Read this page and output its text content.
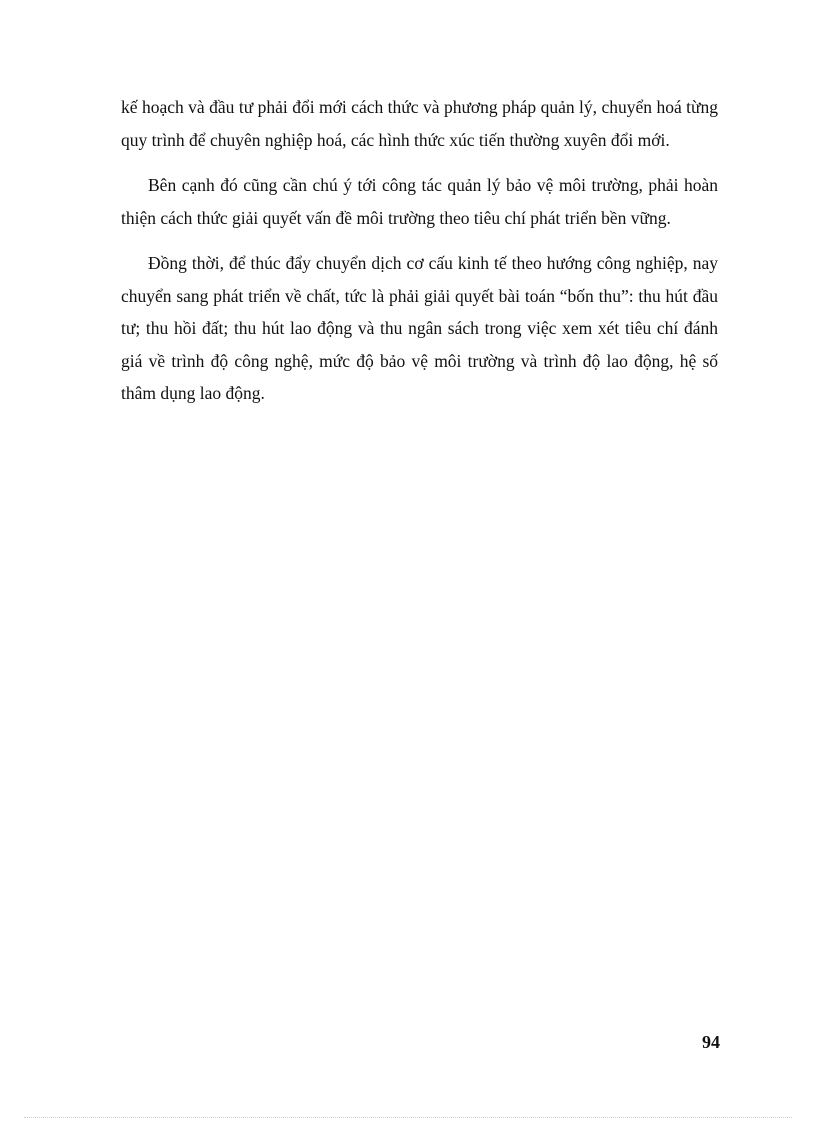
kế hoạch và đầu tư phải đổi mới cách thức và phương pháp quản lý, chuyển hoá từng quy trình để chuyên nghiệp hoá, các hình thức xúc tiến thường xuyên đổi mới.

Bên cạnh đó cũng cần chú ý tới công tác quản lý bảo vệ môi trường, phải hoàn thiện cách thức giải quyết vấn đề môi trường theo tiêu chí phát triển bền vững.

Đồng thời, để thúc đẩy chuyển dịch cơ cấu kinh tế theo hướng công nghiệp, nay chuyển sang phát triển về chất, tức là phải giải quyết bài toán “bốn thu”: thu hút đầu tư; thu hồi đất; thu hút lao động và thu ngân sách trong việc xem xét tiêu chí đánh giá về trình độ công nghệ, mức độ bảo vệ môi trường và trình độ lao động, hệ số thâm dụng lao động.

94
